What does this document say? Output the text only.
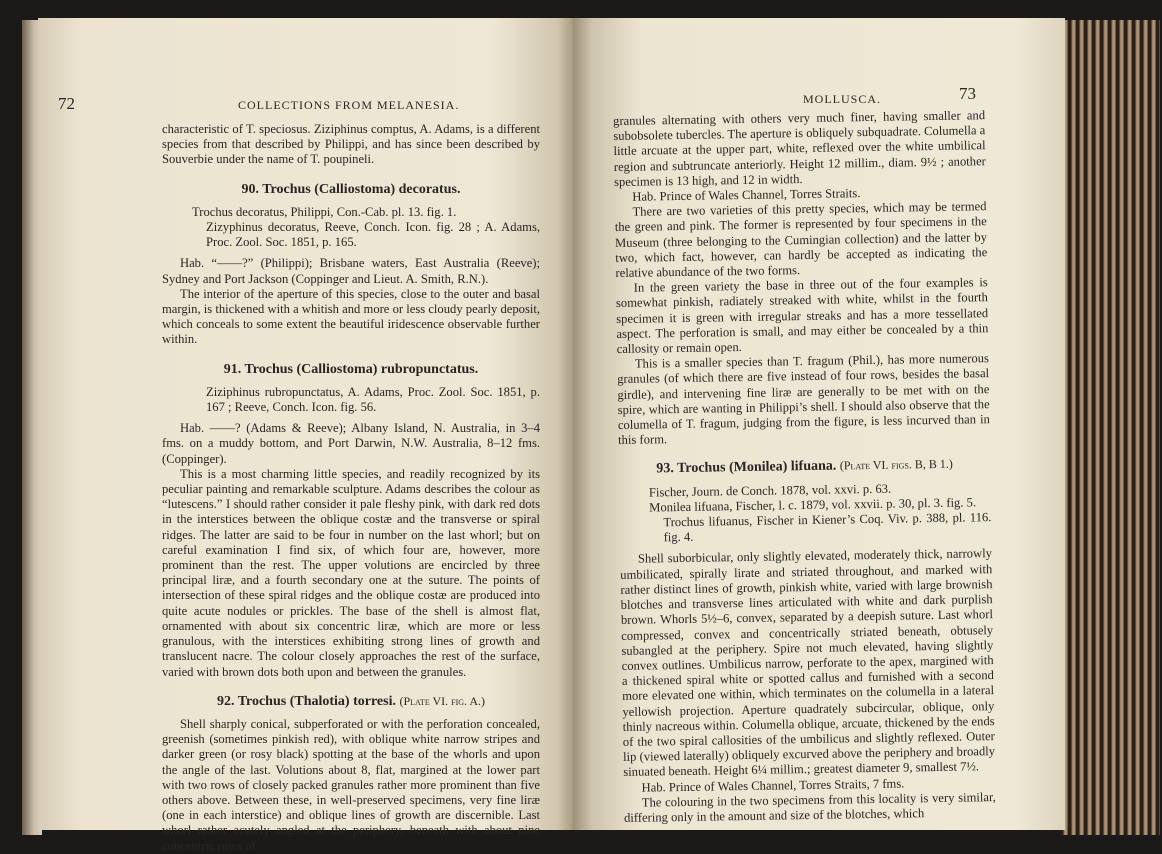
72	COLLECTIONS FROM MELANESIA.

characteristic of T. speciosus. Ziziphinus comptus, A. Adams, is a different species from that described by Philippi, and has since been described by Souverbie under the name of T. poupineli.

90. Trochus (Calliostoma) decoratus.

Trochus decoratus, Philippi, Con.-Cab. pl. 13. fig. 1.

Zizyphinus decoratus, Reeve, Conch. Icon. fig. 28 ; A. Adams, Proc. Zool. Soc. 1851, p. 165.

Hab. “——?” (Philippi); Brisbane waters, East Australia (Reeve); Sydney and Port Jackson (Coppinger and Lieut. A. Smith, R.N.).

The interior of the aperture of this species, close to the outer and basal margin, is thickened with a whitish and more or less cloudy pearly deposit, which conceals to some extent the beautiful iridescence observable further within.

91. Trochus (Calliostoma) rubropunctatus.

Ziziphinus rubropunctatus, A. Adams, Proc. Zool. Soc. 1851, p. 167 ; Reeve, Conch. Icon. fig. 56.

Hab. ——? (Adams & Reeve); Albany Island, N. Australia, in 3–4 fms. on a muddy bottom, and Port Darwin, N.W. Australia, 8–12 fms. (Coppinger).

This is a most charming little species, and readily recognized by its peculiar painting and remarkable sculpture. Adams describes the colour as “lutescens.” I should rather consider it pale fleshy pink, with dark red dots in the interstices between the oblique costæ and the transverse or spiral ridges. The latter are said to be four in number on the last whorl; but on careful examination I find six, of which four are, however, more prominent than the rest. The upper volutions are encircled by three principal liræ, and a fourth secondary one at the suture. The points of intersection of these spiral ridges and the oblique costæ are produced into quite acute nodules or prickles. The base of the shell is almost flat, ornamented with about six concentric liræ, which are more or less granulous, with the interstices exhibiting strong lines of growth and translucent nacre. The colour closely approaches the rest of the surface, varied with brown dots both upon and between the granules.

92. Trochus (Thalotia) torresi. (Plate VI. fig. A.)

Shell sharply conical, subperforated or with the perforation concealed, greenish (sometimes pinkish red), with oblique white narrow stripes and darker green (or rosy black) spotting at the base of the whorls and upon the angle of the last. Volutions about 8, flat, margined at the lower part with two rows of closely packed granules rather more prominent than five others above. Between these, in well-preserved specimens, very fine liræ (one in each interstice) and oblique lines of growth are discernible. Last whorl rather acutely angled at the periphery, beneath with about nine concentric rows of

MOLLUSCA.	73

granules alternating with others very much finer, having smaller and subobsolete tubercles. The aperture is obliquely subquadrate. Columella a little arcuate at the upper part, white, reflexed over the white umbilical region and subtruncate anteriorly. Height 12 millim., diam. 9½ ; another specimen is 13 high, and 12 in width.

Hab. Prince of Wales Channel, Torres Straits.

There are two varieties of this pretty species, which may be termed the green and pink. The former is represented by four specimens in the Museum (three belonging to the Cumingian collection) and the latter by two, which fact, however, can hardly be accepted as indicating the relative abundance of the two forms.

In the green variety the base in three out of the four examples is somewhat pinkish, radiately streaked with white, whilst in the fourth specimen it is green with irregular streaks and has a more tessellated aspect. The perforation is small, and may either be concealed by a thin callosity or remain open.

This is a smaller species than T. fragum (Phil.), has more numerous granules (of which there are five instead of four rows, besides the basal girdle), and intervening fine liræ are generally to be met with on the spire, which are wanting in Philippi’s shell. I should also observe that the columella of T. fragum, judging from the figure, is less incurved than in this form.

93. Trochus (Monilea) lifuana. (Plate VI. figs. B, B 1.)

Fischer, Journ. de Conch. 1878, vol. xxvi. p. 63.

Monilea lifuana, Fischer, l. c. 1879, vol. xxvii. p. 30, pl. 3. fig. 5.

Trochus lifuanus, Fischer in Kiener’s Coq. Viv. p. 388, pl. 116. fig. 4.

Shell suborbicular, only slightly elevated, moderately thick, narrowly umbilicated, spirally lirate and striated throughout, and marked with rather distinct lines of growth, pinkish white, varied with large brownish blotches and transverse lines articulated with white and dark purplish brown. Whorls 5½–6, convex, separated by a deepish suture. Last whorl compressed, convex and concentrically striated beneath, obtusely subangled at the periphery. Spire not much elevated, having slightly convex outlines. Umbilicus narrow, perforate to the apex, margined with a thickened spiral white or spotted callus and furnished with a second more elevated one within, which terminates on the columella in a lateral yellowish projection. Aperture quadrately subcircular, oblique, only thinly nacreous within. Columella oblique, arcuate, thickened by the ends of the two spiral callosities of the umbilicus and slightly reflexed. Outer lip (viewed laterally) obliquely excurved above the periphery and broadly sinuated beneath. Height 6¼ millim.; greatest diameter 9, smallest 7½.

Hab. Prince of Wales Channel, Torres Straits, 7 fms.

The colouring in the two specimens from this locality is very similar, differing only in the amount and size of the blotches, which
